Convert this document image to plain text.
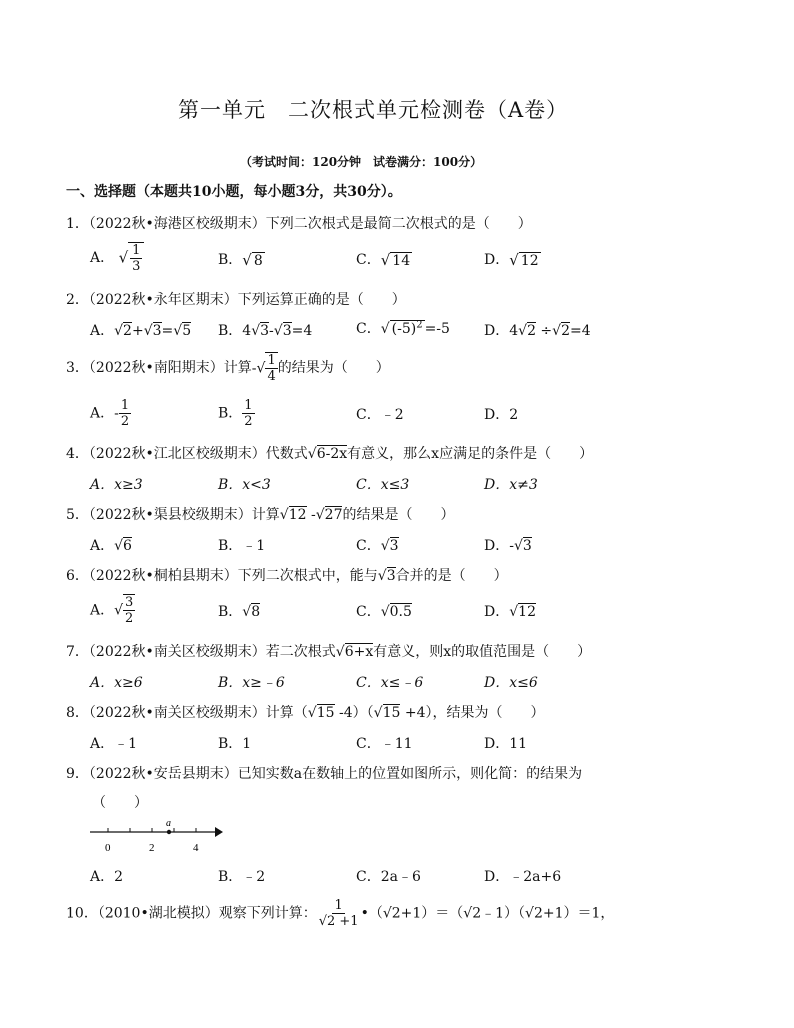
第一单元　二次根式单元检测卷（A卷）
（考试时间：120分钟　试卷满分：100分）
一、选择题（本题共10小题，每小题3分，共30分）。
1．（2022秋•海港区校级期末）下列二次根式是最简二次根式的是（　　）
A． √ $\frac{1}{3}$	B．√ 8	C．√ 14	D．√ 12
2．（2022秋•永年区期末）下列运算正确的是（　　）
A．√2+√3=√5 B．4√3-√3=4	C．√ $(-5)^2 =-5$ D．4√2 ÷√2=4
3．（2022秋•南阳期末）计算-√ $\frac{1}{4}$ 的结果为（　　）
A．- $\frac{1}{2}$	B． $\frac{1}{2}$	C．﹣2	D．2
4．（2022秋•江北区校级期末）代数式√6-2x有意义，那么x应满足的条件是（　　）
A．x≥3	B．x<3	C．x≤3	D．x≠3
5．（2022秋•渠县校级期末）计算√12 -√27的结果是（　　）
A．√6	B．﹣1	C．√3	D．-√3
6．（2022秋•桐柏县期末）下列二次根式中，能与√3合并的是（　　）
A．√ $\frac{3}{2}$	B．√8	C．√0.5	D．√12
7．（2022秋•南关区校级期末）若二次根式√6+x有意义，则x的取值范围是（　　）
A．x≥6	B．x≥﹣6	C．x≤﹣6	D．x≤6
8．（2022秋•南关区校级期末）计算（√15 -4）（√15 +4），结果为（　　）
A．﹣1	B．1	C．﹣11	D．11
9．（2022秋•安岳县期末）已知实数a在数轴上的位置如图所示，则化简：的结果为
（　　）
a
0	2	4
A．2	B．﹣2	C．2a﹣6	D．﹣2a+6
10．（2010•湖北模拟）观察下列计算： $\frac{1}{√2 +1}$ •（√2+1）＝（√2﹣1）（√2+1）＝1，
